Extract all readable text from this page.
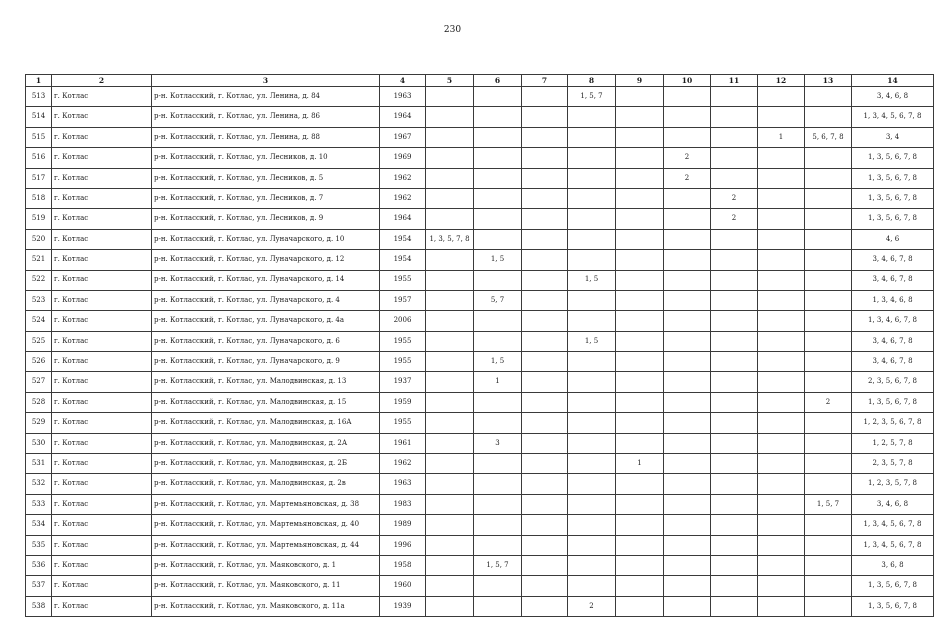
230
1	2	3	4	5	6	7	8	9	10	11	12	13	14
513	г. Котлас	р-н. Котласский, г. Котлас, ул. Ленина, д. 84	1963				1, 5, 7						3, 4, 6, 8
514	г. Котлас	р-н. Котласский, г. Котлас, ул. Ленина, д. 86	1964										1, 3, 4, 5, 6, 7, 8
515	г. Котлас	р-н. Котласский, г. Котлас, ул. Ленина, д. 88	1967								1	5, 6, 7, 8	3, 4
516	г. Котлас	р-н. Котласский, г. Котлас, ул. Лесников, д. 10	1969						2				1, 3, 5, 6, 7, 8
517	г. Котлас	р-н. Котласский, г. Котлас, ул. Лесников, д. 5	1962						2				1, 3, 5, 6, 7, 8
518	г. Котлас	р-н. Котласский, г. Котлас, ул. Лесников, д. 7	1962							2			1, 3, 5, 6, 7, 8
519	г. Котлас	р-н. Котласский, г. Котлас, ул. Лесников, д. 9	1964							2			1, 3, 5, 6, 7, 8
520	г. Котлас	р-н. Котласский, г. Котлас, ул. Луначарского, д. 10	1954	1, 3, 5, 7, 8									4, 6
521	г. Котлас	р-н. Котласский, г. Котлас, ул. Луначарского, д. 12	1954		1, 5								3, 4, 6, 7, 8
522	г. Котлас	р-н. Котласский, г. Котлас, ул. Луначарского, д. 14	1955				1, 5						3, 4, 6, 7, 8
523	г. Котлас	р-н. Котласский, г. Котлас, ул. Луначарского, д. 4	1957		5, 7								1, 3, 4, 6, 8
524	г. Котлас	р-н. Котласский, г. Котлас, ул. Луначарского, д. 4а	2006										1, 3, 4, 6, 7, 8
525	г. Котлас	р-н. Котласский, г. Котлас, ул. Луначарского, д. 6	1955				1, 5						3, 4, 6, 7, 8
526	г. Котлас	р-н. Котласский, г. Котлас, ул. Луначарского, д. 9	1955		1, 5								3, 4, 6, 7, 8
527	г. Котлас	р-н. Котласский, г. Котлас, ул. Малодвинская, д. 13	1937		1								2, 3, 5, 6, 7, 8
528	г. Котлас	р-н. Котласский, г. Котлас, ул. Малодвинская, д. 15	1959									2	1, 3, 5, 6, 7, 8
529	г. Котлас	р-н. Котласский, г. Котлас, ул. Малодвинская, д. 16А	1955										1, 2, 3, 5, 6, 7, 8
530	г. Котлас	р-н. Котласский, г. Котлас, ул. Малодвинская, д. 2А	1961		3								1, 2, 5, 7, 8
531	г. Котлас	р-н. Котласский, г. Котлас, ул. Малодвинская, д. 2Б	1962					1					2, 3, 5, 7, 8
532	г. Котлас	р-н. Котласский, г. Котлас, ул. Малодвинская, д. 2в	1963										1, 2, 3, 5, 7, 8
533	г. Котлас	р-н. Котласский, г. Котлас, ул. Мартемьяновская, д. 38	1983									1, 5, 7	3, 4, 6, 8
534	г. Котлас	р-н. Котласский, г. Котлас, ул. Мартемьяновская, д. 40	1989										1, 3, 4, 5, 6, 7, 8
535	г. Котлас	р-н. Котласский, г. Котлас, ул. Мартемьяновская, д. 44	1996										1, 3, 4, 5, 6, 7, 8
536	г. Котлас	р-н. Котласский, г. Котлас, ул. Маяковского, д. 1	1958		1, 5, 7								3, 6, 8
537	г. Котлас	р-н. Котласский, г. Котлас, ул. Маяковского, д. 11	1960										1, 3, 5, 6, 7, 8
538	г. Котлас	р-н. Котласский, г. Котлас, ул. Маяковского, д. 11а	1939				2						1, 3, 5, 6, 7, 8
